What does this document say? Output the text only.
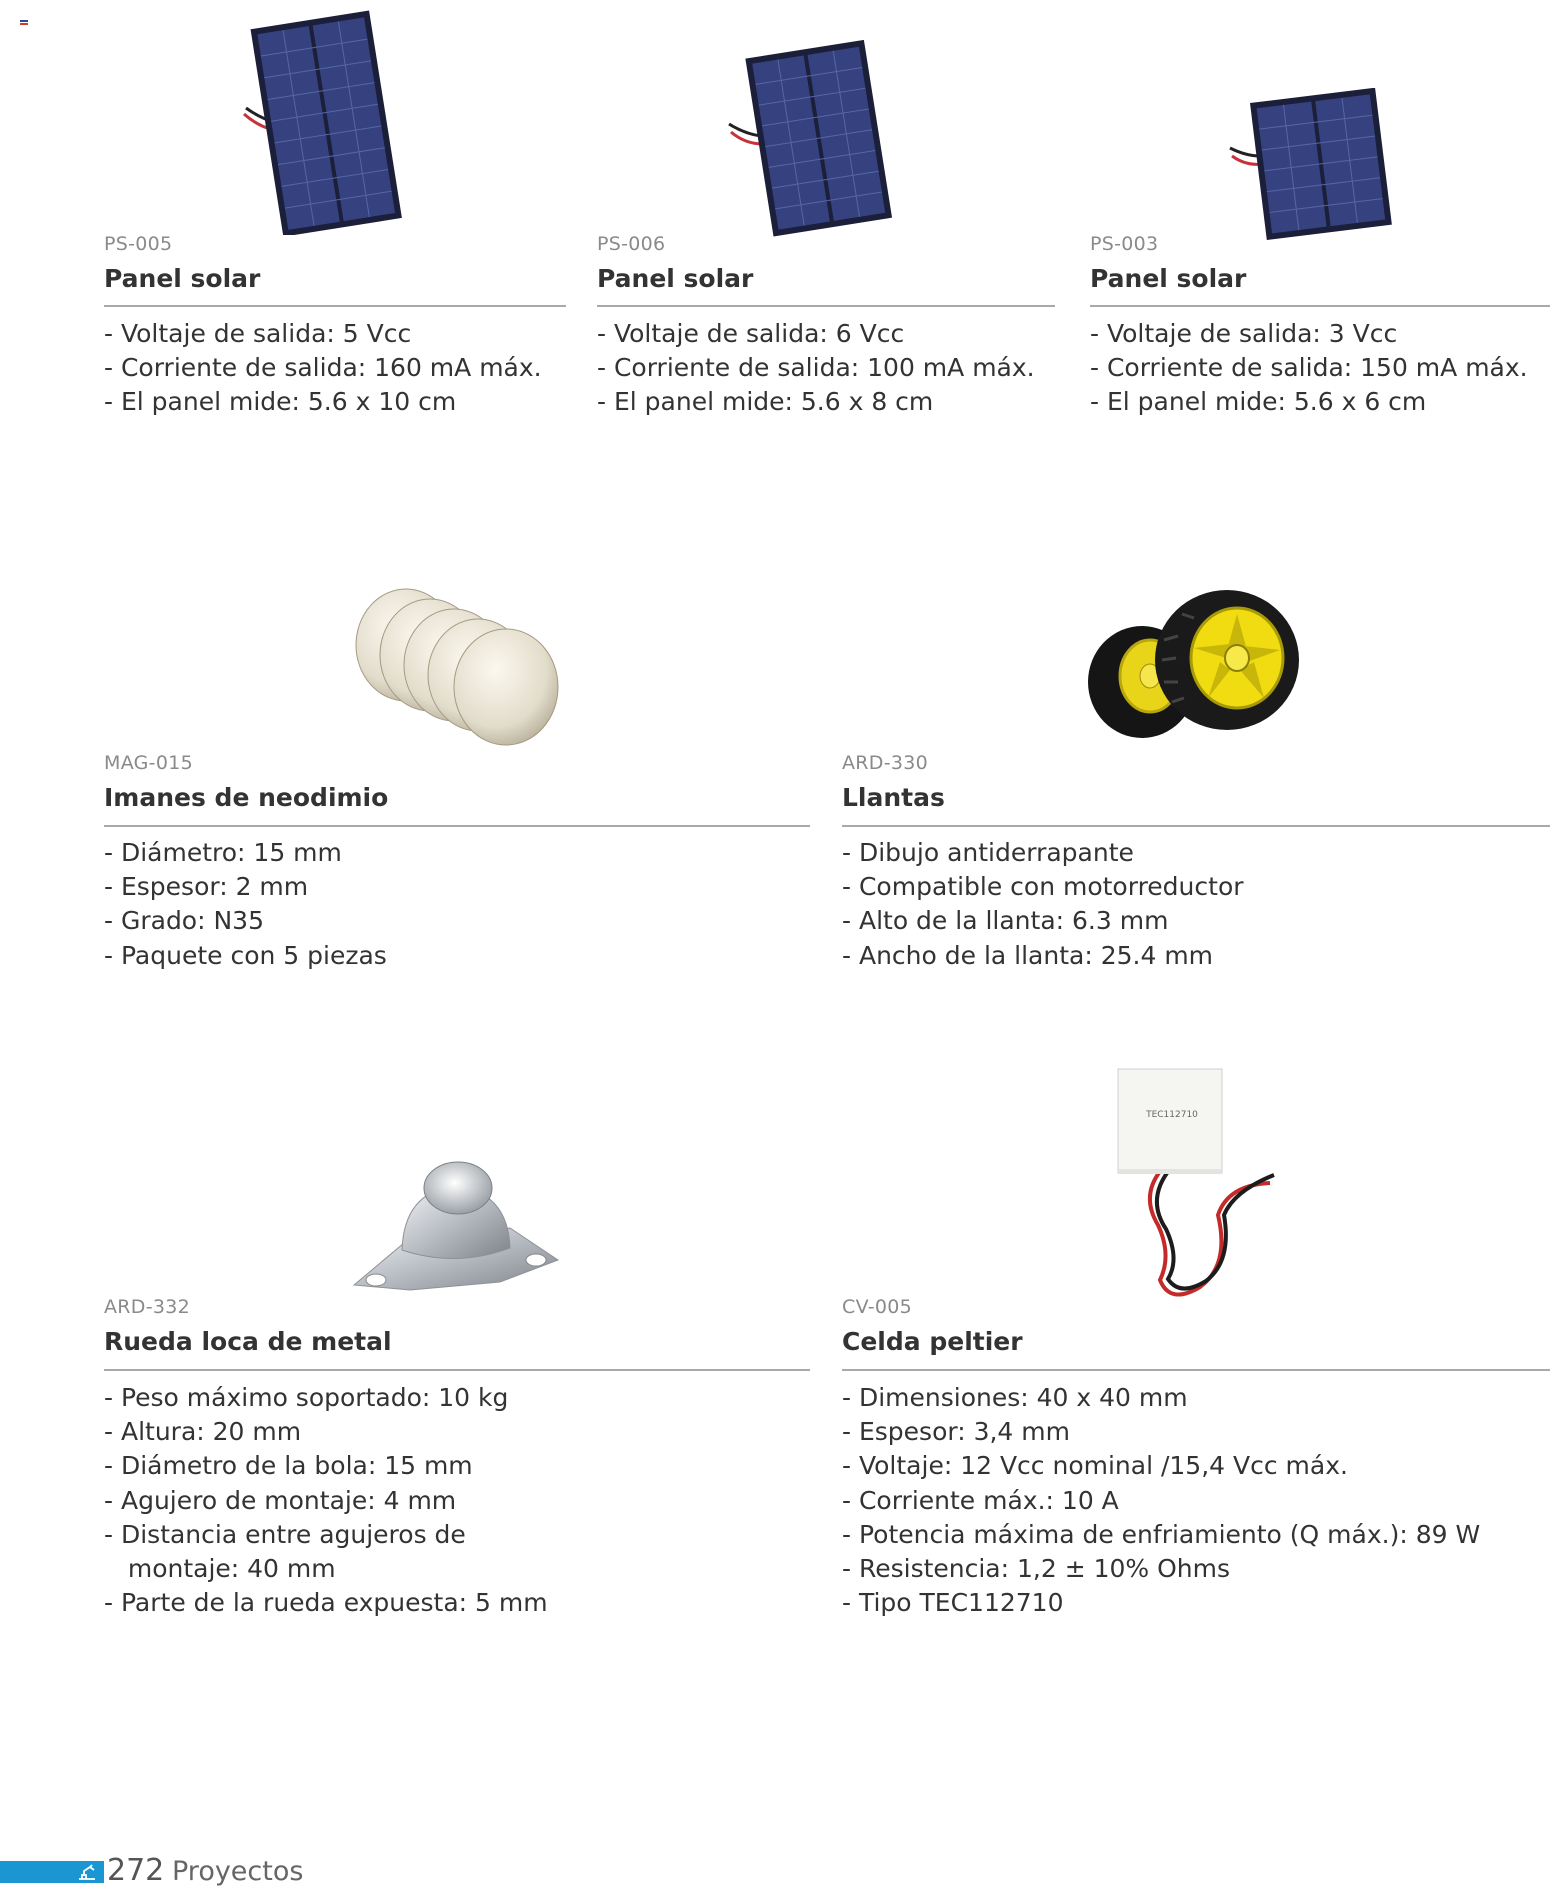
PS-005
Panel solar
- Voltaje de salida: 5 Vcc
- Corriente de salida: 160 mA máx.
- El panel mide: 5.6 x 10 cm
PS-006
Panel solar
- Voltaje de salida: 6 Vcc
- Corriente de salida: 100 mA máx.
- El panel mide: 5.6 x 8 cm
PS-003
Panel solar
- Voltaje de salida: 3 Vcc
- Corriente de salida: 150 mA máx.
- El panel mide: 5.6 x 6 cm
MAG-015
Imanes de neodimio
- Diámetro: 15 mm
- Espesor: 2 mm
- Grado: N35
- Paquete con 5 piezas
ARD-330
Llantas
- Dibujo antiderrapante
- Compatible con motorreductor
- Alto de la llanta: 6.3 mm
- Ancho de la llanta: 25.4 mm
ARD-332
Rueda loca de metal
- Peso máximo soportado: 10 kg
- Altura: 20 mm
- Diámetro de la bola: 15 mm
- Agujero de montaje: 4 mm
- Distancia entre agujeros de
montaje: 40 mm
- Parte de la rueda expuesta: 5 mm
TEC112710
CV-005
Celda peltier
- Dimensiones: 40 x 40 mm
- Espesor: 3,4 mm
- Voltaje: 12 Vcc nominal /15,4 Vcc máx.
- Corriente máx.: 10 A
- Potencia máxima de enfriamiento (Q máx.): 89 W
- Resistencia: 1,2 ± 10% Ohms
- Tipo TEC112710
272 Proyectos
